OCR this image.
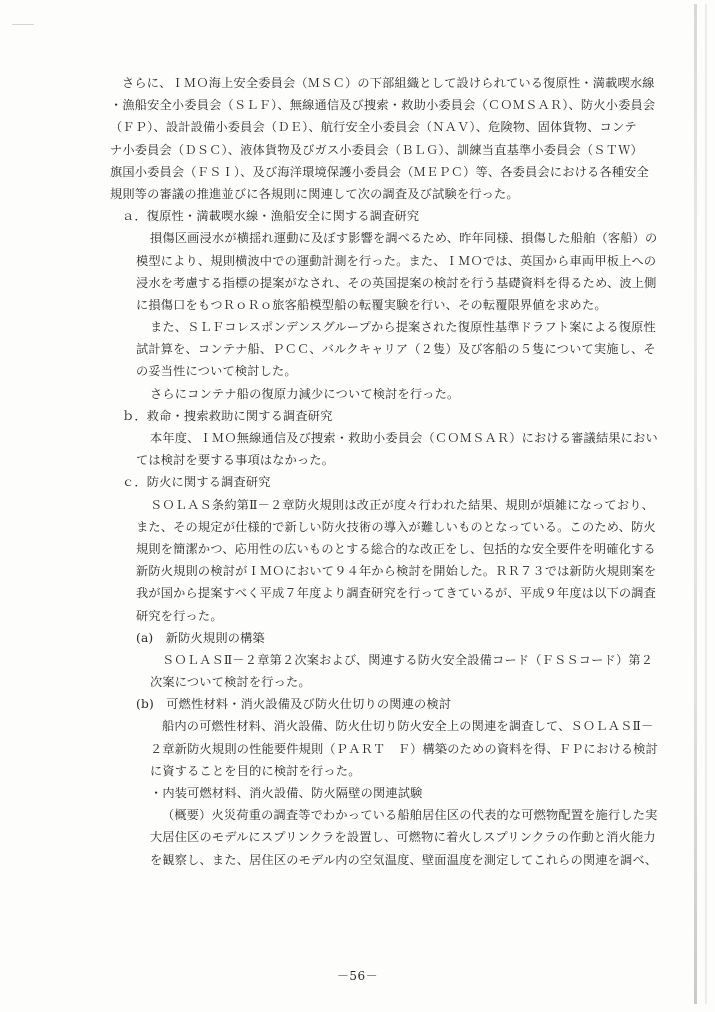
さらに、ＩＭＯ海上安全委員会（ＭＳＣ）の下部組織として設けられている復原性・満載喫水線
・漁船安全小委員会（ＳＬＦ）、無線通信及び捜索・救助小委員会（ＣＯＭＳＡＲ）、防火小委員会
（ＦＰ）、設計設備小委員会（ＤＥ）、航行安全小委員会（ＮＡＶ）、危険物、固体貨物、コンテ
ナ小委員会（ＤＳＣ）、液体貨物及びガス小委員会（ＢＬＧ）、訓練当直基準小委員会（ＳＴＷ）
旗国小委員会（ＦＳＩ）、及び海洋環境保護小委員会（ＭＥＰＣ）等、各委員会における各種安全
規則等の審議の推進並びに各規則に関連して次の調査及び試験を行った。
ａ．復原性・満載喫水線・漁船安全に関する調査研究
損傷区画浸水が横揺れ運動に及ぼす影響を調べるため、昨年同様、損傷した船舶（客船）の
模型により、規則横波中での運動計測を行った。また、ＩＭＯでは、英国から車両甲板上への
浸水を考慮する指標の提案がなされ、その英国提案の検討を行う基礎資料を得るため、波上側
に損傷口をもつＲｏＲｏ旅客船模型船の転覆実験を行い、その転覆限界値を求めた。
また、ＳＬＦコレスポンデンスグループから提案された復原性基準ドラフト案による復原性
試計算を、コンテナ船、ＰＣＣ、バルクキャリア（２隻）及び客船の５隻について実施し、そ
の妥当性について検討した。
さらにコンテナ船の復原力減少について検討を行った。
ｂ．救命・捜索救助に関する調査研究
本年度、ＩＭＯ無線通信及び捜索・救助小委員会（ＣＯＭＳＡＲ）における審議結果におい
ては検討を要する事項はなかった。
ｃ．防火に関する調査研究
ＳＯＬＡＳ条約第Ⅱ－２章防火規則は改正が度々行われた結果、規則が煩雑になっており、
また、その規定が仕様的で新しい防火技術の導入が難しいものとなっている。このため、防火
規則を簡潔かつ、応用性の広いものとする総合的な改正をし、包括的な安全要件を明確化する
新防火規則の検討がＩＭＯにおいて９４年から検討を開始した。ＲＲ７３では新防火規則案を
我が国から提案すべく平成７年度より調査研究を行ってきているが、平成９年度は以下の調査
研究を行った。
(a)　新防火規則の構築
ＳＯＬＡＳⅡ－２章第２次案および、関連する防火安全設備コード（ＦＳＳコード）第２
次案について検討を行った。
(b)　可燃性材料・消火設備及び防火仕切りの関連の検討
船内の可燃性材料、消火設備、防火仕切り防火安全上の関連を調査して、ＳＯＬＡＳⅡ－
２章新防火規則の性能要件規則（ＰＡＲＴ　Ｆ）構築のための資料を得、ＦＰにおける検討
に資することを目的に検討を行った。
・内装可燃材料、消火設備、防火隔壁の関連試験
（概要）火災荷重の調査等でわかっている船舶居住区の代表的な可燃物配置を施行した実
大居住区のモデルにスプリンクラを設置し、可燃物に着火しスプリンクラの作動と消火能力
を観察し、また、居住区のモデル内の空気温度、壁面温度を測定してこれらの関連を調べ、
－56－
